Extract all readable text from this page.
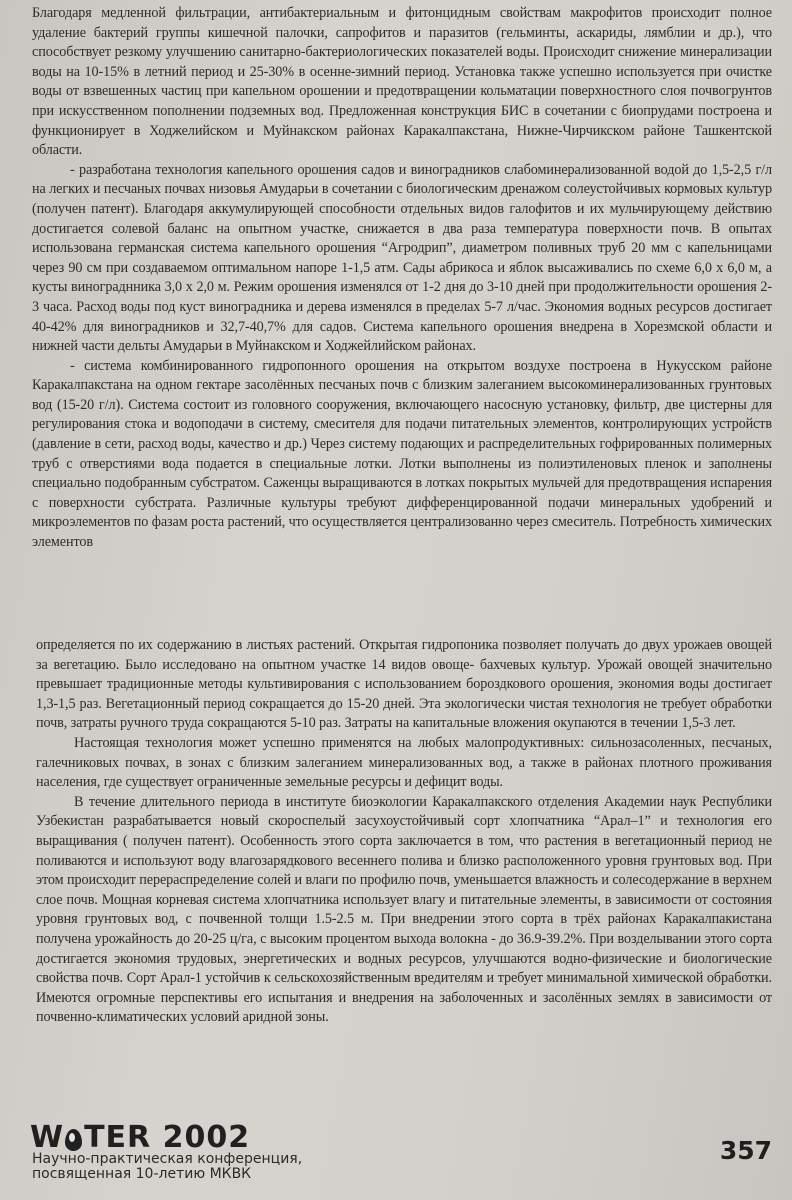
Благодаря медленной фильтрации, антибактериальным и фитонцидным свойствам макрофитов происходит полное удаление бактерий группы кишечной палочки, сапрофитов и паразитов (гельминты, аскариды, лямблии и др.), что способствует резкому улучшению санитарно-бактериологических показателей воды. Происходит снижение минерализации воды на 10-15% в летний период и 25-30% в осенне-зимний период. Установка также успешно используется при очистке воды от взвешенных частиц при капельном орошении и предотвращении кольматации поверхностного слоя почвогрунтов при искусственном пополнении подземных вод. Предложенная конструкция БИС в сочетании с биопрудами построена и функционирует в Ходжелийском и Муйнакском районах Каракалпакстана, Нижне-Чирчикском районе Ташкентской области.

- разработана технология капельного орошения садов и виноградников слабоминерализованной водой до 1,5-2,5 г/л на легких и песчаных почвах низовья Амударьи в сочетании с биологическим дренажом солеустойчивых кормовых культур (получен патент). Благодаря аккумулирующей способности отдельных видов галофитов и их мульчирующему действию достигается солевой баланс на опытном участке, снижается в два раза температура поверхности почв. В опытах использована германская система капельного орошения “Агродрип”, диаметром поливных труб 20 мм с капельницами через 90 см при создаваемом оптимальном напоре 1-1,5 атм. Сады абрикоса и яблок высаживались по схеме 6,0 х 6,0 м, а кусты винограднника 3,0 х 2,0 м. Режим орошения изменялся от 1-2 дня до 3-10 дней при продолжительности орошения 2-3 часа. Расход воды под куст виноградника и дерева изменялся в пределах 5-7 л/час. Экономия водных ресурсов достигает 40-42% для виноградников и 32,7-40,7% для садов. Система капельного орошения внедрена в Хорезмской области и нижней части дельты Амударьи в Муйнакском и Ходжейлийском районах.

- система комбинированного гидропонного орошения на открытом воздухе построена в Нукусском районе Каракалпакстана на одном гектаре засолённых песчаных почв с близким залеганием высокоминерализованных грунтовых вод (15-20 г/л). Система состоит из головного сооружения, включающего насосную установку, фильтр, две цистерны для регулирования стока и водоподачи в систему, смесителя для подачи питательных элементов, контролирующих устройств (давление в сети, расход воды, качество и др.) Через систему подающих и распределительных гофрированных полимерных труб с отверстиями вода подается в специальные лотки. Лотки выполнены из полиэтиленовых пленок и заполнены специально подобранным субстратом. Саженцы выращиваются в лотках покрытых мульчей для предотвращения испарения с поверхности субстрата. Различные культуры требуют дифференцированной подачи минеральных удобрений и микроэлементов по фазам роста растений, что осуществляется централизованно через смеситель. Потребность химических элементов

определяется по их содержанию в листьях растений. Открытая гидропоника позволяет получать до двух урожаев овощей за вегетацию. Было исследовано на опытном участке 14 видов овоще- бахчевых культур. Урожай овощей значительно превышает традиционные методы культивирования с использованием бороздкового орошения, экономия воды достигает 1,3-1,5 раз. Вегетационный период сокращается до 15-20 дней. Эта экологически чистая технология не требует обработки почв, затраты ручного труда сокращаются 5-10 раз. Затраты на капитальные вложения окупаются в течении 1,5-3 лет.

Настоящая технология может успешно применятся на любых малопродуктивных: сильнозасоленных, песчаных, галечниковых почвах, в зонах с близким залеганием минерализованных вод, а также в районах плотного проживания населения, где существует ограниченные земельные ресурсы и дефицит воды.

В течение длительного периода в институте биоэкологии Каракалпакского отделения Академии наук Республики Узбекистан разрабатывается новый скороспелый засухоустойчивый сорт хлопчатника “Арал–1” и технология его выращивания ( получен патент). Особенность этого сорта заключается в том, что растения в вегетационный период не поливаются и используют воду влагозарядкового весеннего полива и близко расположенного уровня грунтовых вод. При этом происходит перераспределение солей и влаги по профилю почв, уменьшается влажность и солесодержание в верхнем слое почв. Мощная корневая система хлопчатника использует влагу и питательные элементы, в зависимости от состояния уровня грунтовых вод, с почвенной толщи 1.5-2.5 м. При внедрении этого сорта в трёх районах Каракалпакистана получена урожайность до 20-25 ц/га, с высоким процентом выхода волокна - до 36.9-39.2%. При возделывании этого сорта достигается экономия трудовых, энергетических и водных ресурсов, улучшаются водно-физические и биологические свойства почв. Сорт Арал-1 устойчив к сельскохозяйственным вредителям и требует минимальной химической обработки. Имеются огромные перспективы его испытания и внедрения на заболоченных и засолённых землях в зависимости от почвенно-климатических условий аридной зоны.

W TER 2002
Научно-практическая конференция,
посвященная 10-летию МКВК
357
